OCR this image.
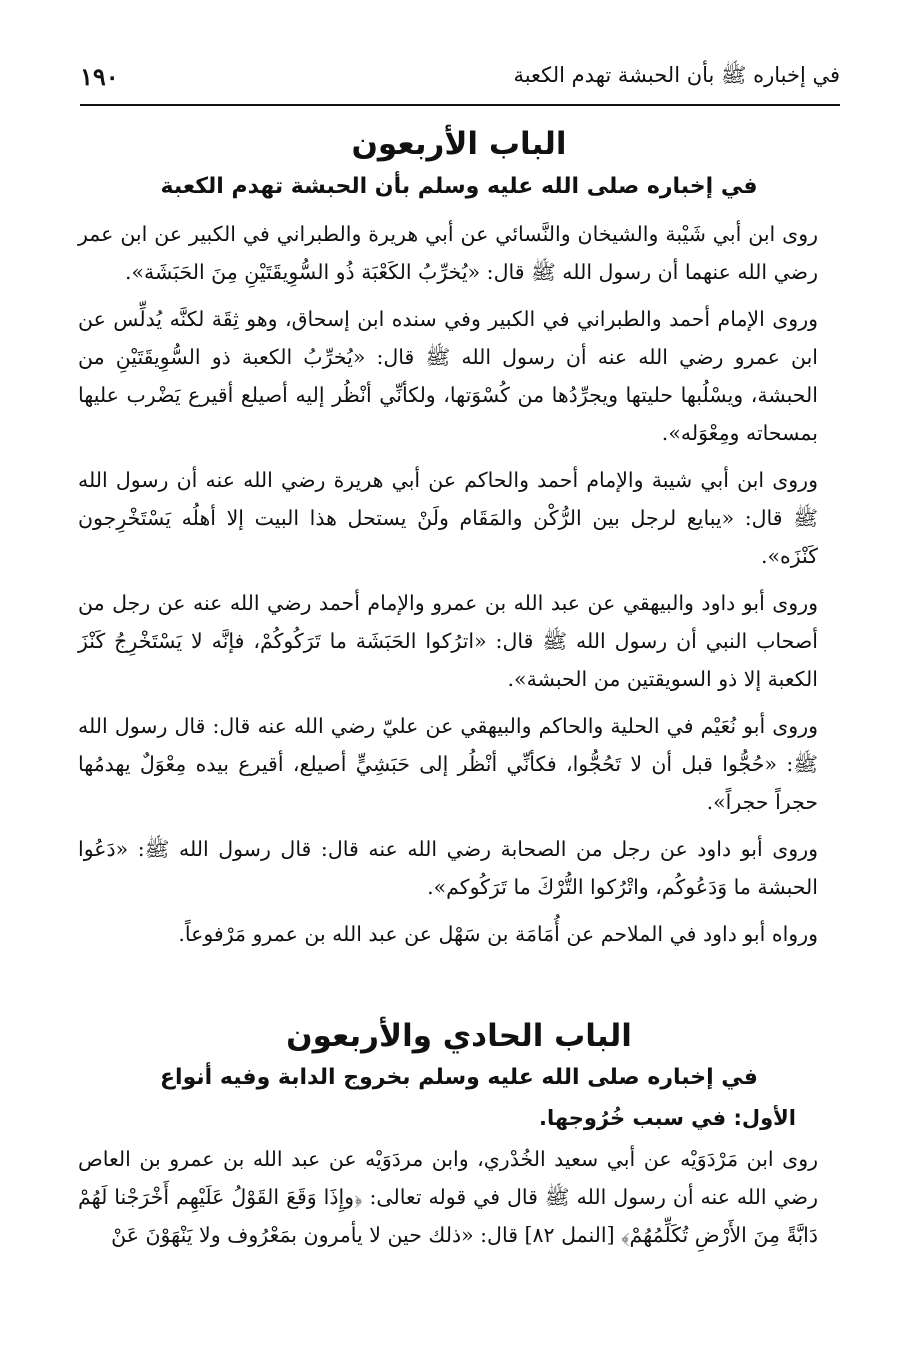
في إخباره ﷺ بأن الحبشة تهدم الكعبة
١٩٠
الباب الأربعون
في إخباره صلى الله عليه وسلم بأن الحبشة تهدم الكعبة

روى ابن أبي شَيْبة والشيخان والنَّسائي عن أبي هريرة والطبراني في الكبير عن ابن عمر رضي الله عنهما أن رسول الله ﷺ قال: «يُخرِّبُ الكَعْبَة ذُو السُّوِيقَتَيْنِ مِنَ الحَبَشَة».

وروى الإمام أحمد والطبراني في الكبير وفي سنده ابن إسحاق، وهو ثِقَة لكنَّه يُدلِّس عن ابن عمرو رضي الله عنه أن رسول الله ﷺ قال: «يُخرِّبُ الكعبة ذو السُّوِيقَتَيْنِ من الحبشة، ويسْلُبها حليتها ويجرِّدُها من كُسْوَتها، ولكأنِّي أنْظُر إليه أصيلع أقيرع يَضْرب عليها بمسحاته ومِعْوَله».

وروى ابن أبي شيبة والإمام أحمد والحاكم عن أبي هريرة رضي الله عنه أن رسول الله ﷺ قال: «يبايع لرجل بين الرُّكْن والمَقَام ولَنْ يستحل هذا البيت إلا أهلُه يَسْتَخْرِجون كَنْزَه».

وروى أبو داود والبيهقي عن عبد الله بن عمرو والإمام أحمد رضي الله عنه عن رجل من أصحاب النبي أن رسول الله ﷺ قال: «اترُكوا الحَبَشَة ما تَرَكُوكُمْ، فإنَّه لا يَسْتَخْرِجُ كَنْزَ الكعبة إلا ذو السويقتين من الحبشة».

وروى أبو نُعَيْم في الحلية والحاكم والبيهقي عن عليّ رضي الله عنه قال: قال رسول الله ﷺ: «حُجُّوا قبل أن لا تَحُجُّوا، فكأنِّي أنْظُر إلى حَبَشِيٍّ أصيلع، أقيرع بيده مِعْوَلٌ يهدمُها حجراً حجراً».

وروى أبو داود عن رجل من الصحابة رضي الله عنه قال: قال رسول الله ﷺ: «دَعُوا الحبشة ما وَدَعُوكُم، واتْرُكوا التُّرْكَ ما تَرَكُوكم».

ورواه أبو داود في الملاحم عن أُمَامَة بن سَهْل عن عبد الله بن عمرو مَرْفوعاً.

الباب الحادي والأربعون
في إخباره صلى الله عليه وسلم بخروج الدابة وفيه أنواع
الأول: في سبب خُرُوجها.

روى ابن مَرْدَوَيْه عن أبي سعيد الخُدْري، وابن مردَوَيْه عن عبد الله بن عمرو بن العاص رضي الله عنه أن رسول الله ﷺ قال في قوله تعالى: ﴿وإِذَا وَقَعَ القَوْلُ عَلَيْهِم أَخْرَجْنا لَهُمْ دَابَّةً مِنَ الأَرْضِ تُكَلِّمُهُمْ﴾ [النمل ٨٢] قال: «ذلك حين لا يأمرون بمَعْرُوف ولا يَنْهَوْنَ عَنْ
